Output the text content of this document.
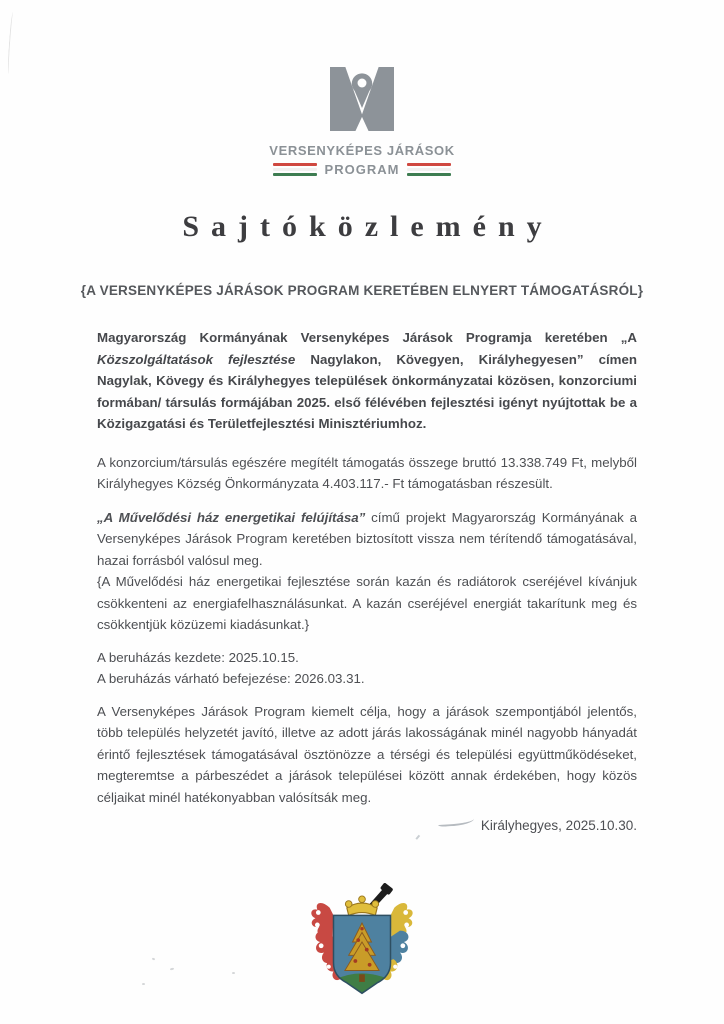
VERSENYKÉPES JÁRÁSOK
PROGRAM
Sajtóközlemény
{A VERSENYKÉPES JÁRÁSOK PROGRAM KERETÉBEN ELNYERT TÁMOGATÁSRÓL}

Magyarország Kormányának Versenyképes Járások Programja keretében „A Közszolgáltatások fejlesztése Nagylakon, Kövegyen, Királyhegyesen” címen Nagylak, Kövegy és Királyhegyes települések önkormányzatai közösen, konzorciumi formában/ társulás formájában 2025. első félévében fejlesztési igényt nyújtottak be a Közigazgatási és Területfejlesztési Minisztériumhoz.

A konzorcium/társulás egészére megítélt támogatás összege bruttó 13.338.749 Ft, melyből Királyhegyes Község Önkormányzata 4.403.117.- Ft támogatásban részesült.

„A Művelődési ház energetikai felújítása” című projekt Magyarország Kormányának a Versenyképes Járások Program keretében biztosított vissza nem térítendő támogatásával, hazai forrásból valósul meg.

{A Művelődési ház energetikai fejlesztése során kazán és radiátorok cseréjével kívánjuk csökkenteni az energiafelhasználásunkat. A kazán cseréjével energiát takarítunk meg és csökkentjük közüzemi kiadásunkat.}

A beruházás kezdete: 2025.10.15.

A beruházás várható befejezése: 2026.03.31.

A Versenyképes Járások Program kiemelt célja, hogy a járások szempontjából jelentős, több település helyzetét javító, illetve az adott járás lakosságának minél nagyobb hányadát érintő fejlesztések támogatásával ösztönözze a térségi és települési együttműködéseket, megteremtse a párbeszédet a járások települései között annak érdekében, hogy közös céljaikat minél hatékonyabban valósítsák meg.

Királyhegyes, 2025.10.30.
